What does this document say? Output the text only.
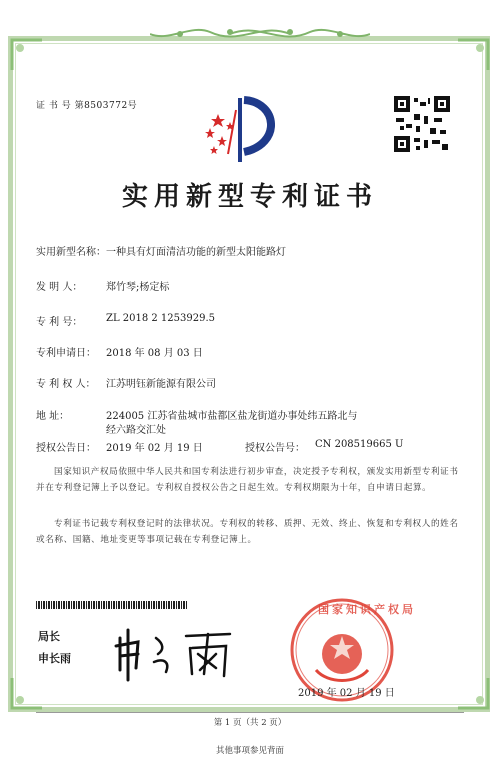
证 书 号 第8503772号
实用新型专利证书
实用新型名称：一种具有灯面清洁功能的新型太阳能路灯
发 明 人： 郑竹琴;杨定标
专 利 号： ZL 2018 2 1253929.5
专利申请日： 2018 年 08 月 03 日
专 利 权 人： 江苏明钰新能源有限公司
地 址：	224005 江苏省盐城市盐都区盐龙街道办事处纬五路北与
经六路交汇处
授权公告日： 2019 年 02 月 19 日	授权公告号： CN 208519665 U
国家知识产权局依照中华人民共和国专利法进行初步审查，决定授予专利权，颁发实用新型专利证书并在专利登记簿上予以登记。专利权自授权公告之日起生效。专利权期限为十年，自申请日起算。
专利证书记载专利权登记时的法律状况。专利权的转移、质押、无效、终止、恢复和专利权人的姓名或名称、国籍、地址变更等事项记载在专利登记簿上。
局长
申长雨
国家知识产权局
2019 年 02 月 19 日
第 1 页（共 2 页）
其他事项参见背面
